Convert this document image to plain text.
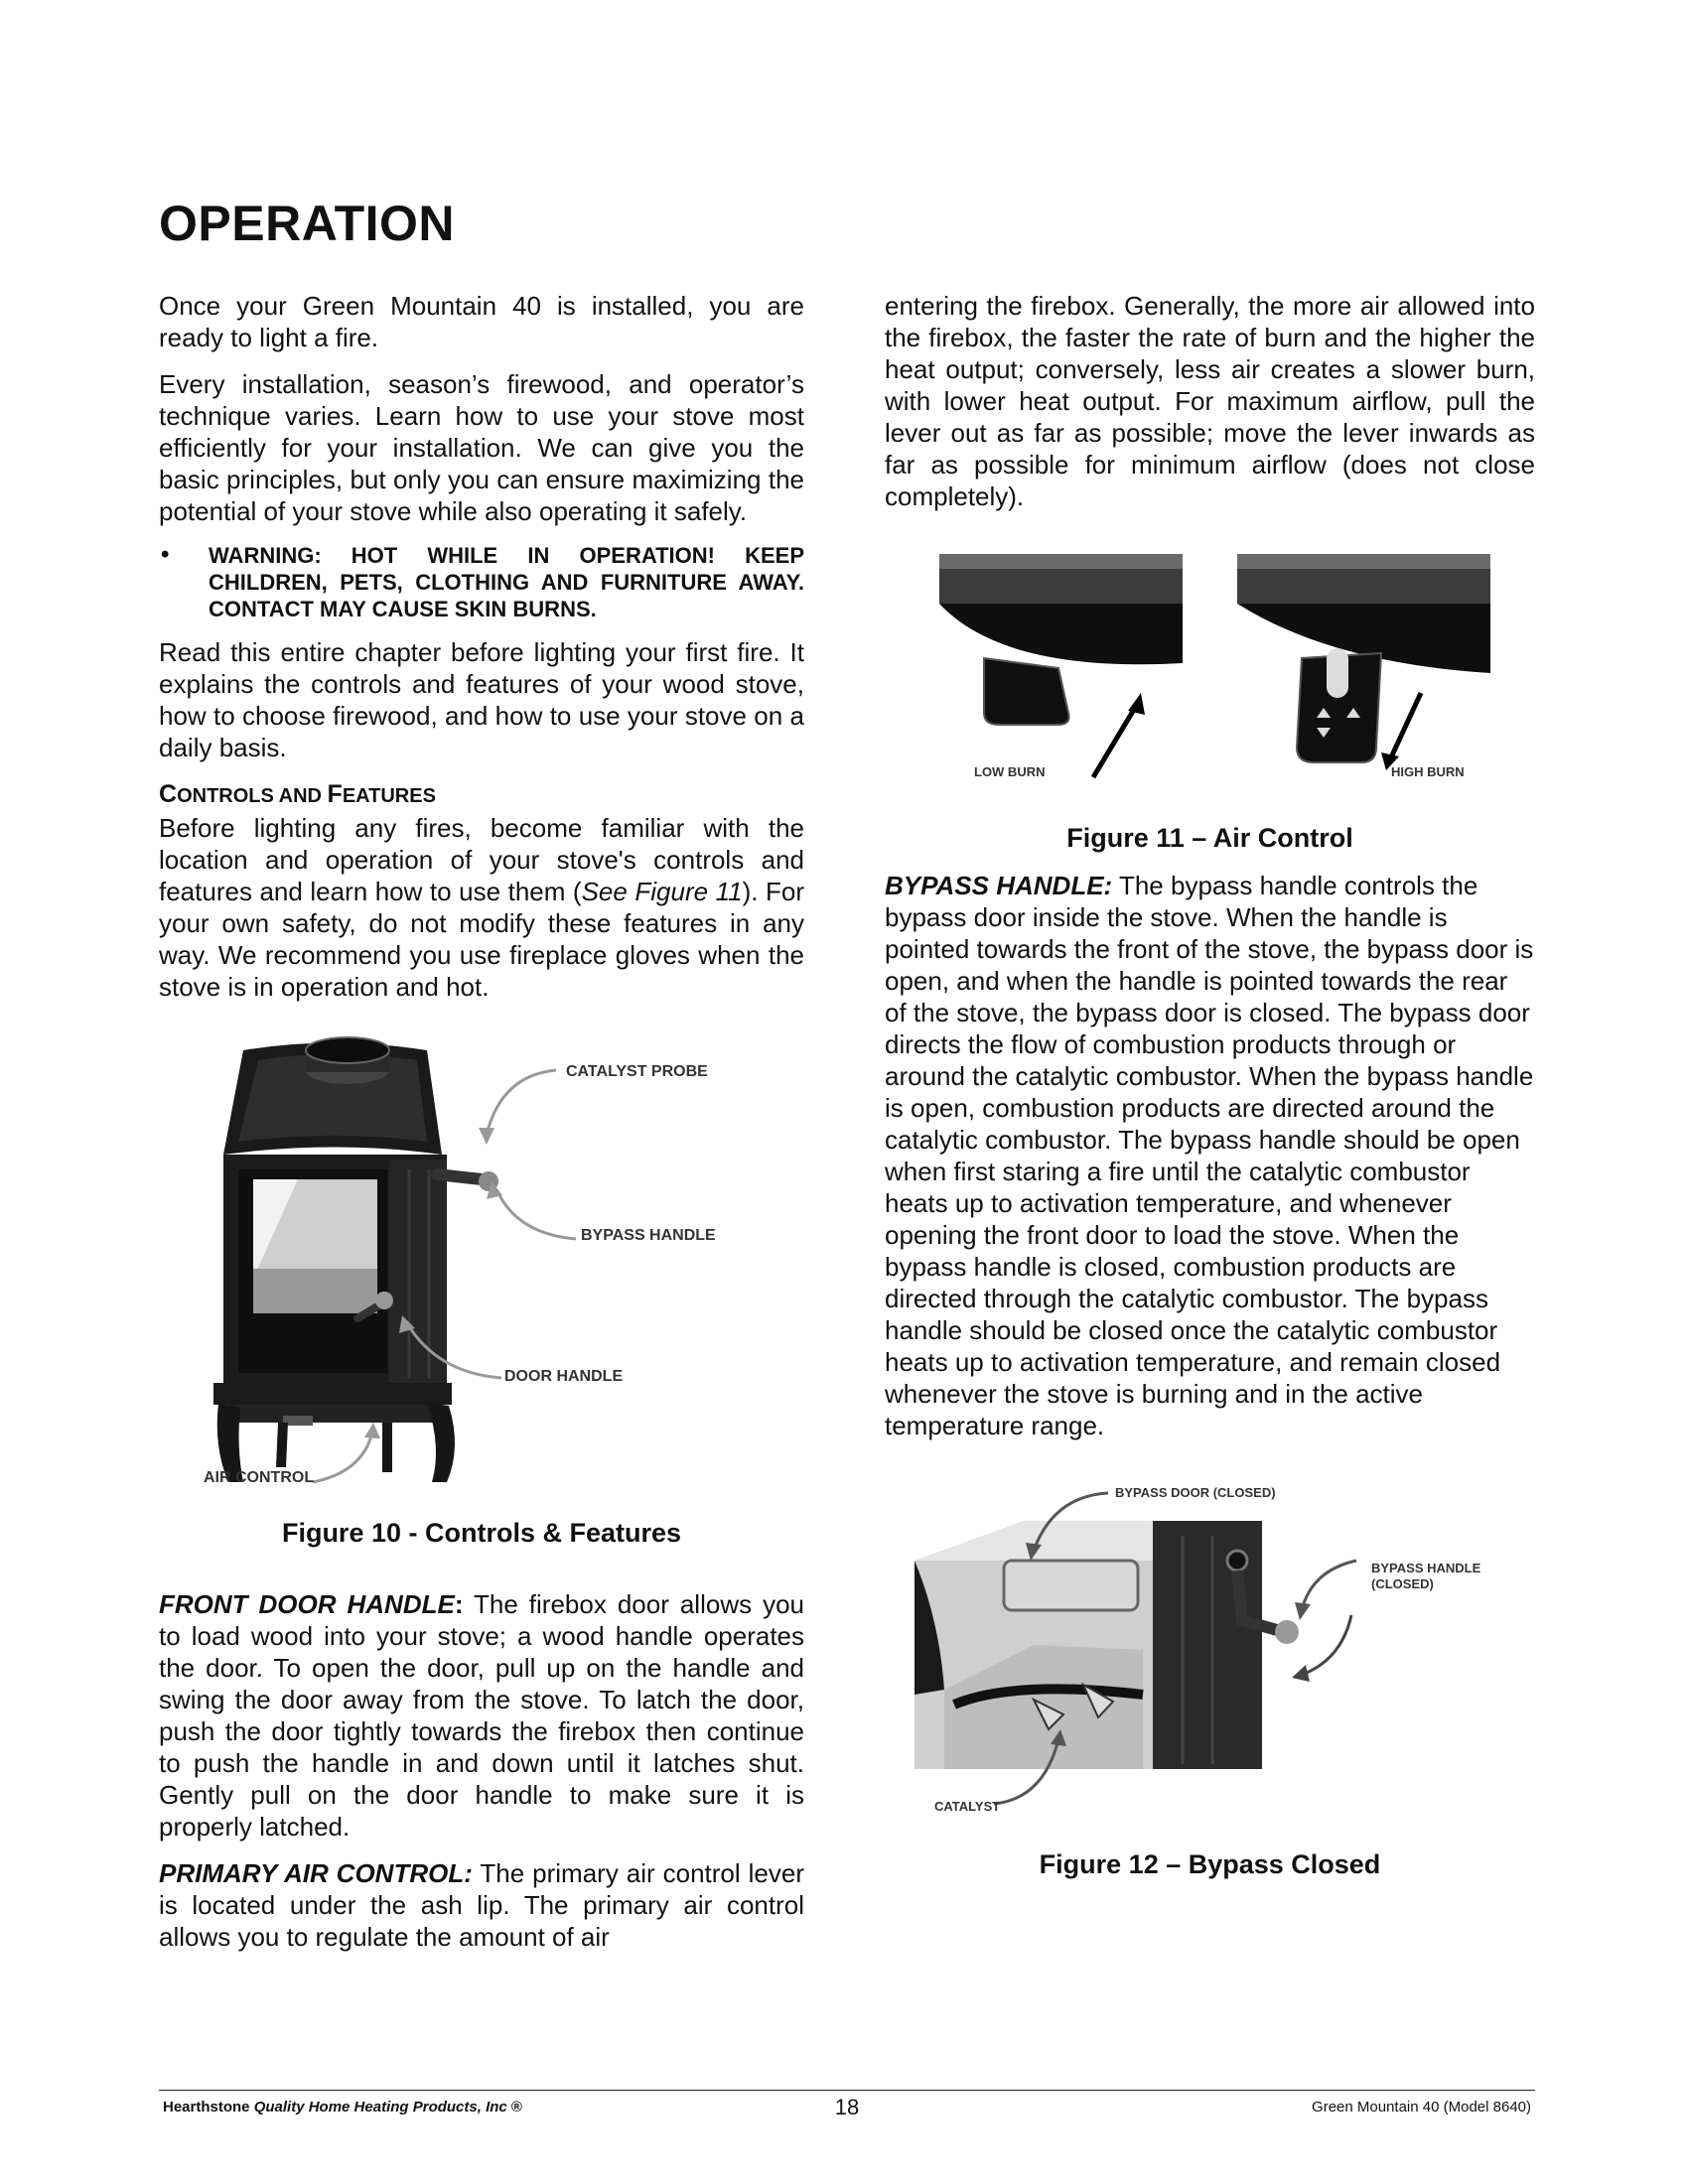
OPERATION

Once your Green Mountain 40 is installed, you are ready to light a fire.

Every installation, season’s firewood, and operator’s technique varies. Learn how to use your stove most efficiently for your installation. We can give you the basic principles, but only you can ensure maximizing the potential of your stove while also operating it safely.

• WARNING: HOT WHILE IN OPERATION! KEEP CHILDREN, PETS, CLOTHING AND FURNITURE AWAY. CONTACT MAY CAUSE SKIN BURNS.

Read this entire chapter before lighting your first fire. It explains the controls and features of your wood stove, how to choose firewood, and how to use your stove on a daily basis.

CONTROLS AND FEATURES

Before lighting any fires, become familiar with the location and operation of your stove's controls and features and learn how to use them (See Figure 11). For your own safety, do not modify these features in any way. We recommend you use fireplace gloves when the stove is in operation and hot.

CATALYST PROBE
BYPASS HANDLE
DOOR HANDLE
AIR CONTROL

Figure 10 - Controls & Features

FRONT DOOR HANDLE: The firebox door allows you to load wood into your stove; a wood handle operates the door. To open the door, pull up on the handle and swing the door away from the stove. To latch the door, push the door tightly towards the firebox then continue to push the handle in and down until it latches shut. Gently pull on the door handle to make sure it is properly latched.

PRIMARY AIR CONTROL: The primary air control lever is located under the ash lip. The primary air control allows you to regulate the amount of air

entering the firebox. Generally, the more air allowed into the firebox, the faster the rate of burn and the higher the heat output; conversely, less air creates a slower burn, with lower heat output. For maximum airflow, pull the lever out as far as possible; move the lever inwards as far as possible for minimum airflow (does not close completely).

LOW BURN	HIGH BURN

Figure 11 – Air Control

BYPASS HANDLE: The bypass handle controls the bypass door inside the stove. When the handle is pointed towards the front of the stove, the bypass door is open, and when the handle is pointed towards the rear of the stove, the bypass door is closed. The bypass door directs the flow of combustion products through or around the catalytic combustor. When the bypass handle is open, combustion products are directed around the catalytic combustor. The bypass handle should be open when first staring a fire until the catalytic combustor heats up to activation temperature, and whenever opening the front door to load the stove. When the bypass handle is closed, combustion products are directed through the catalytic combustor. The bypass handle should be closed once the catalytic combustor heats up to activation temperature, and remain closed whenever the stove is burning and in the active temperature range.

BYPASS DOOR (CLOSED)
BYPASS HANDLE
(CLOSED)
CATALYST

Figure 12 – Bypass Closed

Hearthstone Quality Home Heating Products, Inc ®	18	Green Mountain 40 (Model 8640)
